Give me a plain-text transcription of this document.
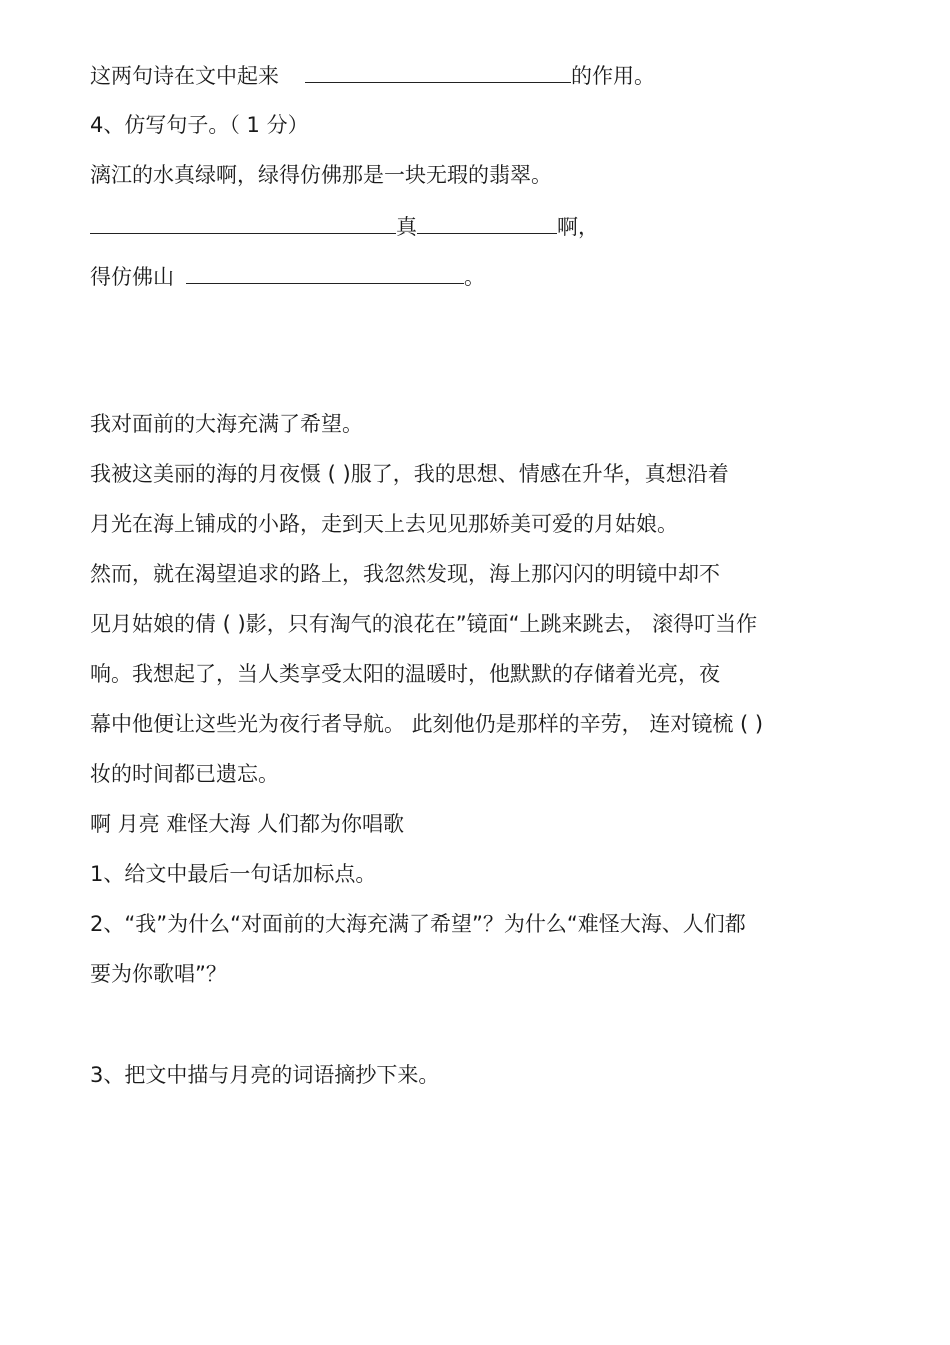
这两句诗在文中起来	的作用。
4、仿写句子。（ 1 分）
漓江的水真绿啊，绿得仿佛那是一块无瑕的翡翠。
真	啊，
得仿佛山	。
我对面前的大海充满了希望。
我被这美丽的海的月夜慑 ( )服了，我的思想、情感在升华，真想沿着
月光在海上铺成的小路，走到天上去见见那娇美可爱的月姑娘。
然而，就在渴望追求的路上，我忽然发现，海上那闪闪的明镜中却不
见月姑娘的倩 ( )影，只有淘气的浪花在”镜面“上跳来跳去， 滚得叮当作
响。我想起了，当人类享受太阳的温暖时，他默默的存储着光亮，夜
幕中他便让这些光为夜行者导航。 此刻他仍是那样的辛劳， 连对镜梳 ( )
妆的时间都已遗忘。
啊 月亮 难怪大海 人们都为你唱歌
1、给文中最后一句话加标点。
2、“我”为什么“对面前的大海充满了希望”？为什么“难怪大海、人们都
要为你歌唱”？
3、把文中描与月亮的词语摘抄下来。
